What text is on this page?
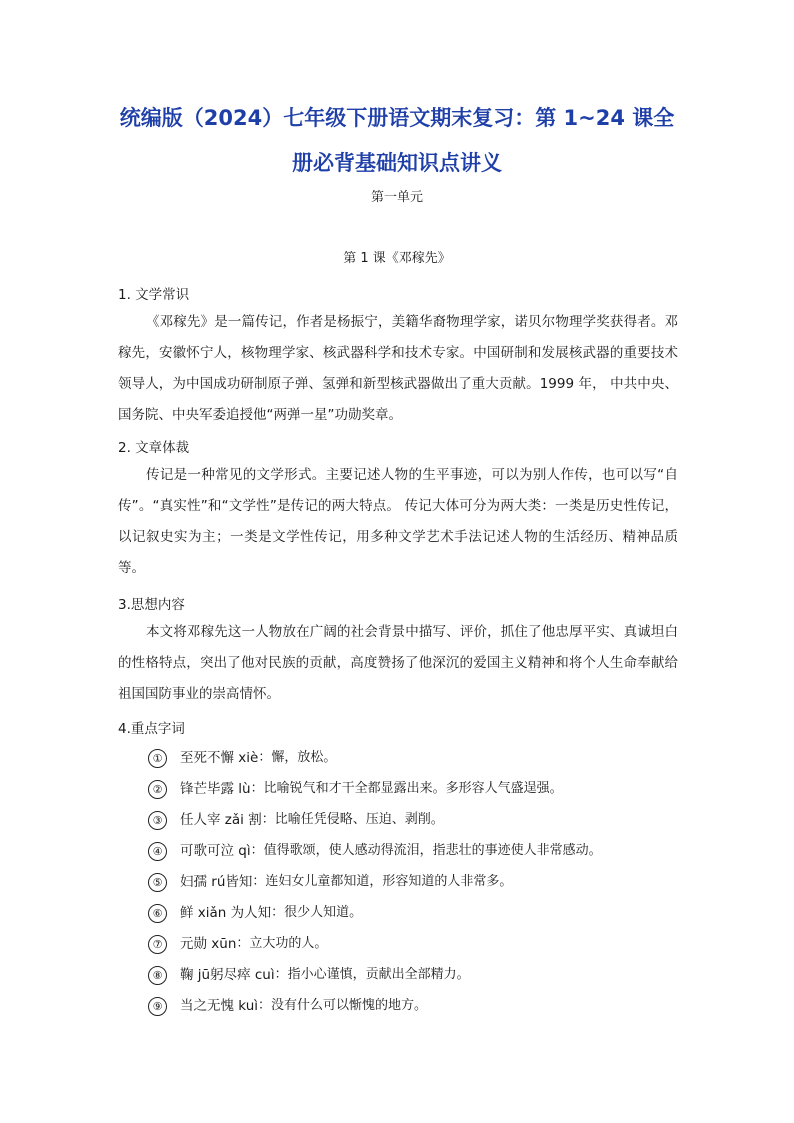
统编版（2024）七年级下册语文期末复习：第 1~24 课全
册必背基础知识点讲义
第一单元
第 1 课《邓稼先》
1. 文学常识
《邓稼先》是一篇传记，作者是杨振宁，美籍华裔物理学家，诺贝尔物理学奖获得者。邓稼先，安徽怀宁人，核物理学家、核武器科学和技术专家。中国研制和发展核武器的重要技术领导人，为中国成功研制原子弹、氢弹和新型核武器做出了重大贡献。1999 年， 中共中央、国务院、中央军委追授他“两弹一星”功勋奖章。
2. 文章体裁
传记是一种常见的文学形式。主要记述人物的生平事迹，可以为别人作传，也可以写“自传”。“真实性”和“文学性”是传记的两大特点。 传记大体可分为两大类：一类是历史性传记，以记叙史实为主；一类是文学性传记，用多种文学艺术手法记述人物的生活经历、精神品质等。
3.思想内容
本文将邓稼先这一人物放在广阔的社会背景中描写、评价，抓住了他忠厚平实、真诚坦白的性格特点，突出了他对民族的贡献，高度赞扬了他深沉的爱国主义精神和将个人生命奉献给祖国国防事业的崇高情怀。
4.重点字词
① 至死不懈 xiè：懈，放松。
② 锋芒毕露 lù：比喻锐气和才干全都显露出来。多形容人气盛逞强。
③ 任人宰 zǎi 割：比喻任凭侵略、压迫、剥削。
④ 可歌可泣 qì：值得歌颂，使人感动得流泪，指悲壮的事迹使人非常感动。
⑤ 妇孺 rú皆知：连妇女儿童都知道，形容知道的人非常多。
⑥ 鲜 xiǎn 为人知：很少人知道。
⑦ 元勋 xūn：立大功的人。
⑧ 鞠 jū躬尽瘁 cuì：指小心谨慎，贡献出全部精力。
⑨ 当之无愧 kuì：没有什么可以惭愧的地方。
